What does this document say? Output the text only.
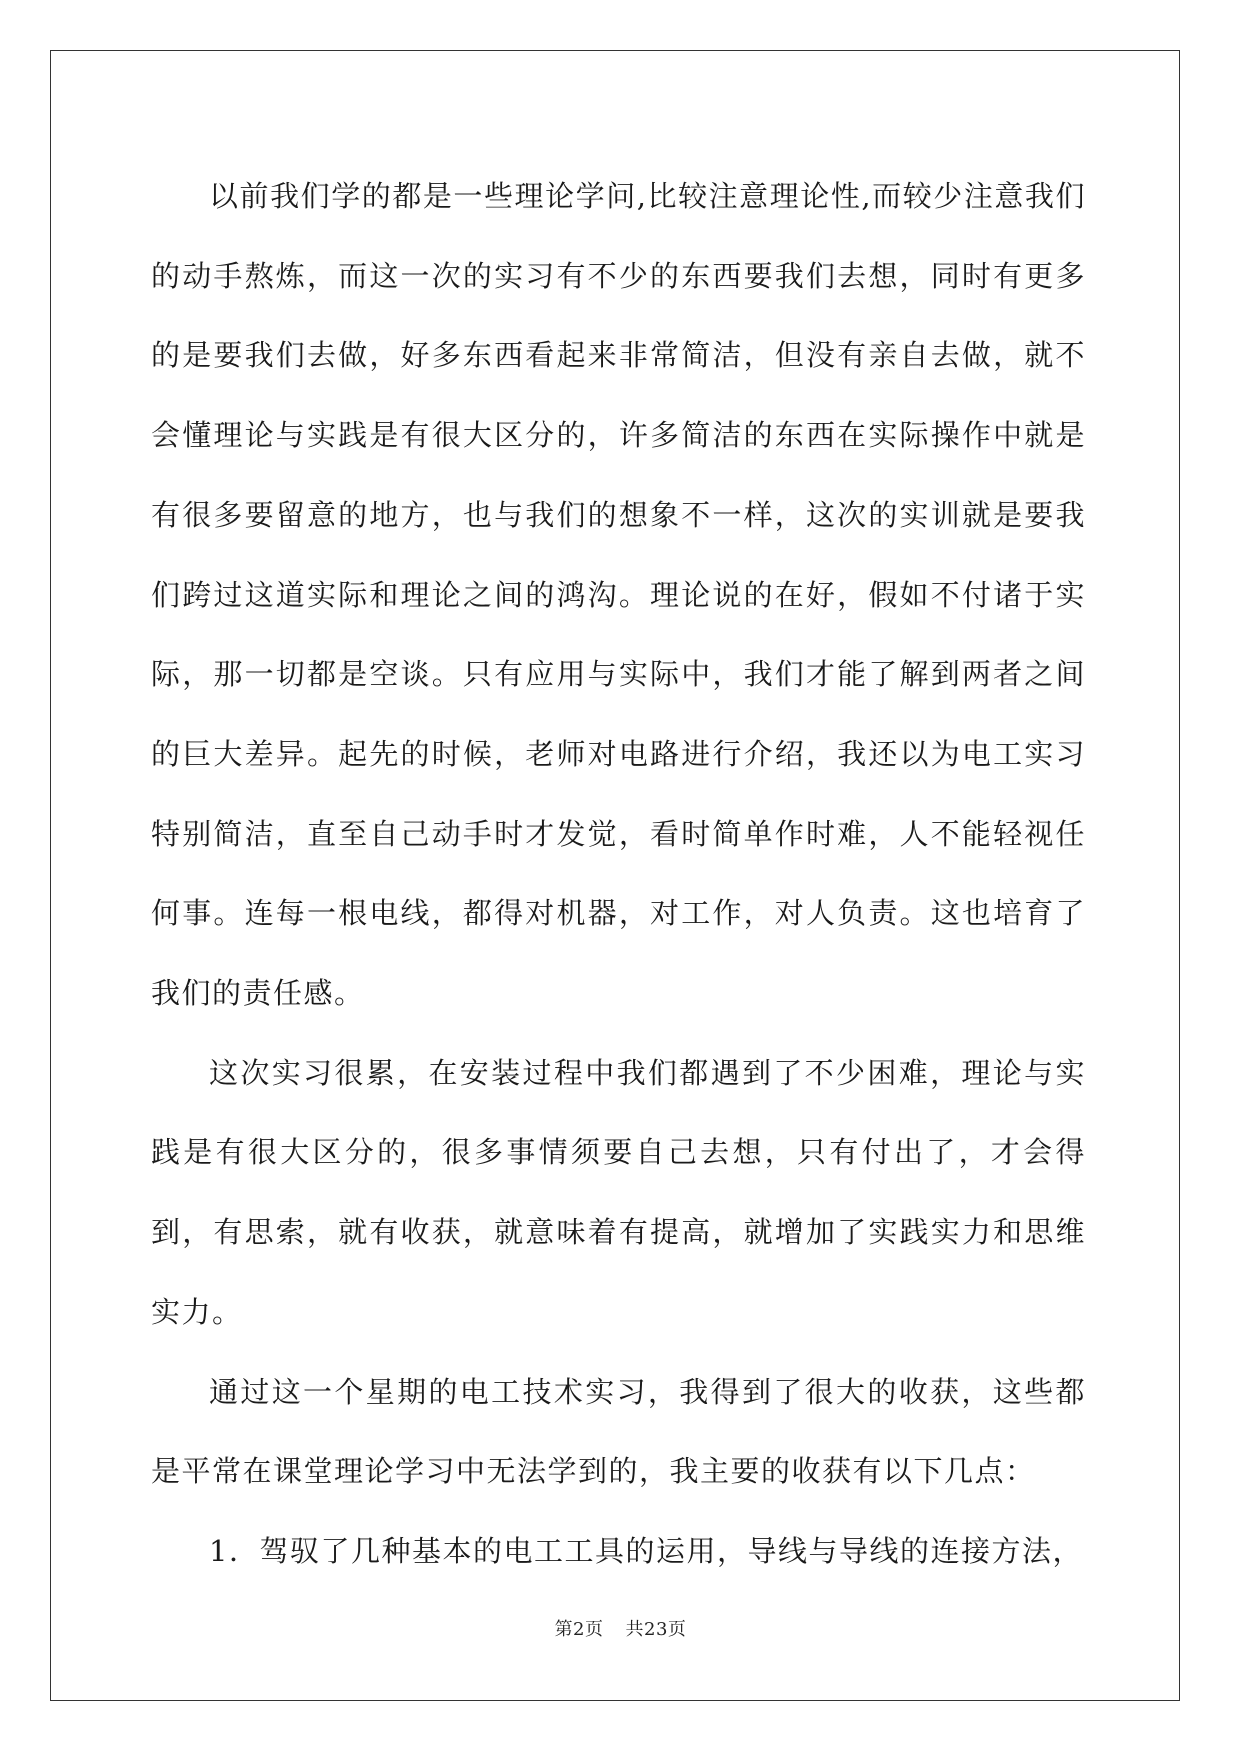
以前我们学的都是一些理论学问,比较注意理论性,而较少注意我们的动手熬炼，而这一次的实习有不少的东西要我们去想，同时有更多的是要我们去做，好多东西看起来非常简洁，但没有亲自去做，就不会懂理论与实践是有很大区分的，许多简洁的东西在实际操作中就是有很多要留意的地方，也与我们的想象不一样，这次的实训就是要我们跨过这道实际和理论之间的鸿沟。理论说的在好，假如不付诸于实际，那一切都是空谈。只有应用与实际中，我们才能了解到两者之间的巨大差异。起先的时候，老师对电路进行介绍，我还以为电工实习特别简洁，直至自己动手时才发觉，看时简单作时难，人不能轻视任何事。连每一根电线，都得对机器，对工作，对人负责。这也培育了我们的责任感。

这次实习很累，在安装过程中我们都遇到了不少困难，理论与实践是有很大区分的，很多事情须要自己去想，只有付出了，才会得到，有思索，就有收获，就意味着有提高，就增加了实践实力和思维实力。

通过这一个星期的电工技术实习，我得到了很大的收获，这些都是平常在课堂理论学习中无法学到的，我主要的收获有以下几点：

1．驾驭了几种基本的电工工具的运用，导线与导线的连接方法，

第2页 共23页
